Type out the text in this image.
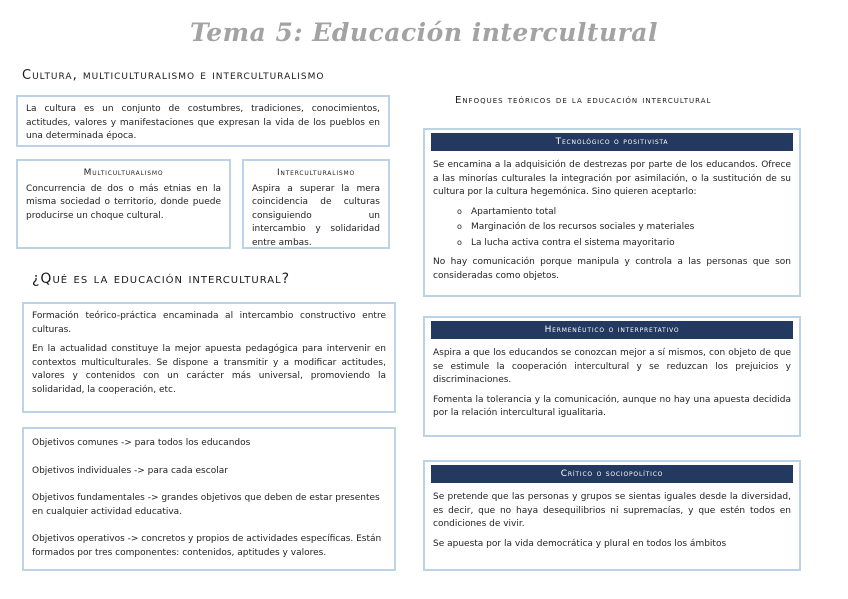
Tema 5: Educación intercultural
Cultura, multiculturalismo e interculturalismo

La cultura es un conjunto de costumbres, tradiciones, conocimientos, actitudes, valores y manifestaciones que expresan la vida de los pueblos en una determinada época.

Multiculturalismo

Concurrencia de dos o más etnias en la misma sociedad o territorio, donde puede producirse un choque cultural.

Interculturalismo

Aspira a superar la mera coincidencia de culturas consiguiendo un intercambio y solidaridad entre ambas.

¿Qué es la educación intercultural?

Formación teórico-práctica encaminada al intercambio constructivo entre culturas.

En la actualidad constituye la mejor apuesta pedagógica para intervenir en contextos multiculturales. Se dispone a transmitir y a modificar actitudes, valores y contenidos con un carácter más universal, promoviendo la solidaridad, la cooperación, etc.

Objetivos comunes -> para todos los educandos

Objetivos individuales -> para cada escolar

Objetivos fundamentales -> grandes objetivos que deben de estar presentes en cualquier actividad educativa.

Objetivos operativos -> concretos y propios de actividades específicas. Están formados por tres componentes: contenidos, aptitudes y valores.

Enfoques teóricos de la educación intercultural
Tecnológico o positivista

Se encamina a la adquisición de destrezas por parte de los educandos. Ofrece a las minorías culturales la integración por asimilación, o la sustitución de su cultura por la cultura hegemónica. Sino quieren aceptarlo:

o Apartamiento total
o Marginación de los recursos sociales y materiales
o La lucha activa contra el sistema mayoritario

No hay comunicación porque manipula y controla a las personas que son consideradas como objetos.

Hermenéutico o interpretativo

Aspira a que los educandos se conozcan mejor a sí mismos, con objeto de que se estimule la cooperación intercultural y se reduzcan los prejuicios y discriminaciones.

Fomenta la tolerancia y la comunicación, aunque no hay una apuesta decidida por la relación intercultural igualitaria.

Crítico o sociopolítico

Se pretende que las personas y grupos se sientas iguales desde la diversidad, es decir, que no haya desequilibrios ni supremacías, y que estén todos en condiciones de vivir.

Se apuesta por la vida democrática y plural en todos los ámbitos
